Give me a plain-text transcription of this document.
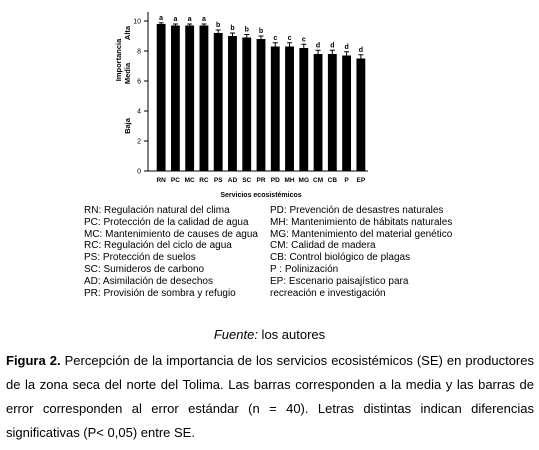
0
2
4
6
8
10
Baja
Media
Alta
Importancia
a
RN
a
PC
a
MC
a
RC
b
PS
b
AD
b
SC
b
PR
c
PD
c
MH
c
MG
d
CM
d
CB
d
P
d
EP
Servicios ecosistémicos
RN: Regulación natural del clima
PC: Protección de la calidad de agua
MC: Mantenimiento de causes de agua
RC: Regulación del ciclo de agua
PS: Protección de suelos
SC: Sumideros de carbono
AD: Asimilación de desechos
PR: Provisión de sombra y refugio
PD: Prevención de desastres naturales
MH: Mantenimiento de hábitats naturales
MG: Mantenimiento del material genético
CM: Calidad de madera
CB: Control biológico de plagas
P : Polinización
EP: Escenario paisajístico para recreación e investigación
Fuente: los autores
Figura 2. Percepción de la importancia de los servicios ecosistémicos (SE) en productores de la zona seca del norte del Tolima. Las barras corresponden a la media y las barras de error corresponden al error estándar (n = 40). Letras distintas indican diferencias significativas (P< 0,05) entre SE.
